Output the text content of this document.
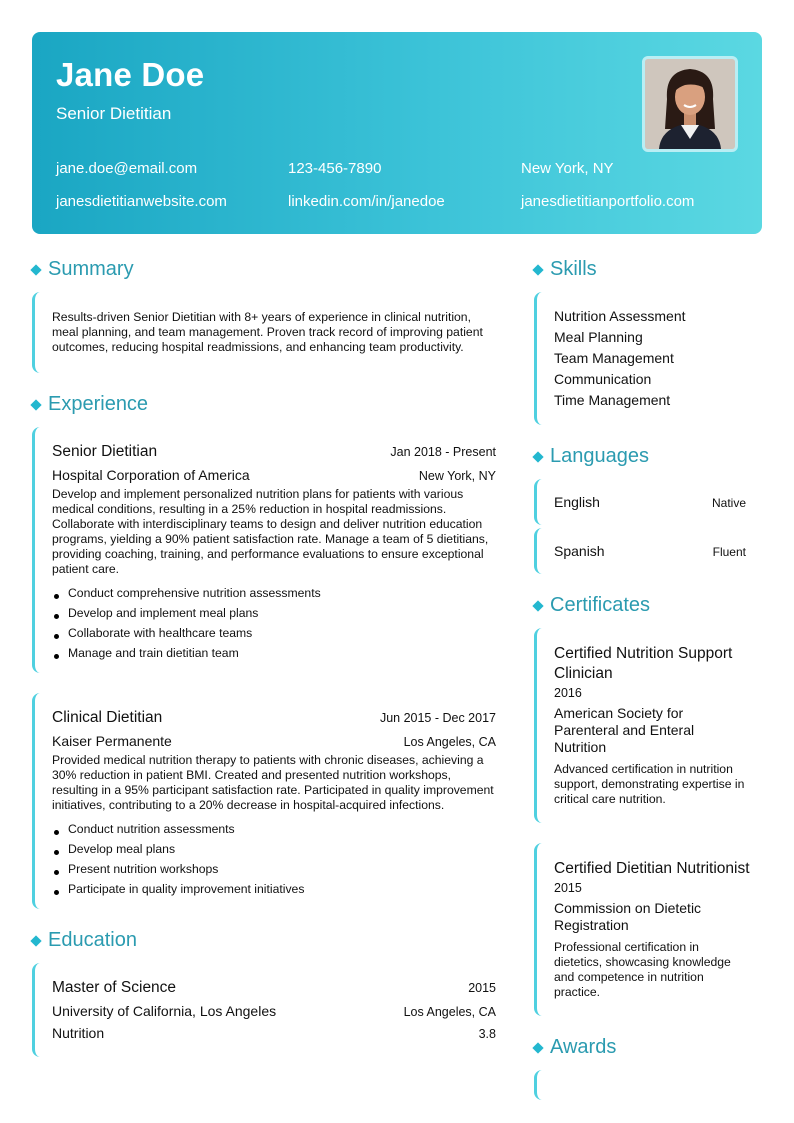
Jane Doe
Senior Dietitian
jane.doe@email.com	123-456-7890	New York, NY
janesdietitianwebsite.com	linkedin.com/in/janedoe	janesdietitianportfolio.com
Summary

Results-driven Senior Dietitian with 8+ years of experience in clinical nutrition, meal planning, and team management. Proven track record of improving patient outcomes, reducing hospital readmissions, and enhancing team productivity.

Experience
Senior Dietitian	Jan 2018 - Present
Hospital Corporation of America	New York, NY

Develop and implement personalized nutrition plans for patients with various medical conditions, resulting in a 25% reduction in hospital readmissions. Collaborate with interdisciplinary teams to design and deliver nutrition education programs, yielding a 90% patient satisfaction rate. Manage a team of 5 dietitians, providing coaching, training, and performance evaluations to ensure exceptional patient care.

Conduct comprehensive nutrition assessments
Develop and implement meal plans
Collaborate with healthcare teams
Manage and train dietitian team
Clinical Dietitian	Jun 2015 - Dec 2017
Kaiser Permanente	Los Angeles, CA

Provided medical nutrition therapy to patients with chronic diseases, achieving a 30% reduction in patient BMI. Created and presented nutrition workshops, resulting in a 95% participant satisfaction rate. Participated in quality improvement initiatives, contributing to a 20% decrease in hospital-acquired infections.

Conduct nutrition assessments
Develop meal plans
Present nutrition workshops
Participate in quality improvement initiatives
Education
Master of Science	2015
University of California, Los Angeles	Los Angeles, CA
Nutrition	3.8
Skills
Nutrition Assessment
Meal Planning
Team Management
Communication
Time Management
Languages
English	Native
Spanish	Fluent
Certificates
Certified Nutrition Support Clinician
2016
American Society for Parenteral and Enteral Nutrition
Advanced certification in nutrition support, demonstrating expertise in critical care nutrition.
Certified Dietitian Nutritionist
2015
Commission on Dietetic Registration
Professional certification in dietetics, showcasing knowledge and competence in nutrition practice.
Awards
